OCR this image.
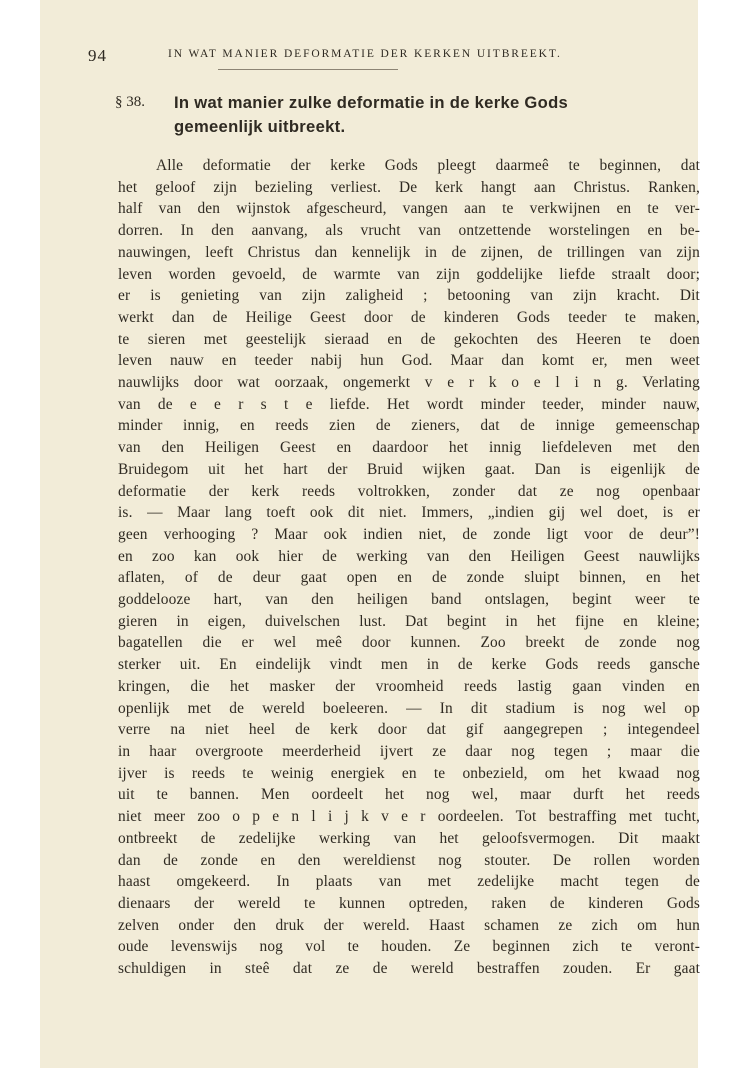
94	IN WAT MANIER DEFORMATIE DER KERKEN UITBREEKT.
§ 38. In wat manier zulke deformatie in de kerke Gods
gemeenlijk uitbreekt.
Alle deformatie der kerke Gods pleegt daarmeê te beginnen, dat
het geloof zijn bezieling verliest. De kerk hangt aan Christus. Ranken,
half van den wijnstok afgescheurd, vangen aan te verkwijnen en te ver-
dorren. In den aanvang, als vrucht van ontzettende worstelingen en be-
nauwingen, leeft Christus dan kennelijk in de zijnen, de trillingen van zijn
leven worden gevoeld, de warmte van zijn goddelijke liefde straalt door;
er is genieting van zijn zaligheid ; betooning van zijn kracht. Dit
werkt dan de Heilige Geest door de kinderen Gods teeder te maken,
te sieren met geestelijk sieraad en de gekochten des Heeren te doen
leven nauw en teeder nabij hun God. Maar dan komt er, men weet
nauwlijks door wat oorzaak, ongemerkt v e r k o e l i n g. Verlating
van de e e r s t e liefde. Het wordt minder teeder, minder nauw,
minder innig, en reeds zien de zieners, dat de innige gemeenschap
van den Heiligen Geest en daardoor het innig liefdeleven met den
Bruidegom uit het hart der Bruid wijken gaat. Dan is eigenlijk de
deformatie der kerk reeds voltrokken, zonder dat ze nog openbaar
is. — Maar lang toeft ook dit niet. Immers, „indien gij wel doet, is er
geen verhooging ? Maar ook indien niet, de zonde ligt voor de deur”!
en zoo kan ook hier de werking van den Heiligen Geest nauwlijks
aflaten, of de deur gaat open en de zonde sluipt binnen, en het
goddelooze hart, van den heiligen band ontslagen, begint weer te
gieren in eigen, duivelschen lust. Dat begint in het fijne en kleine;
bagatellen die er wel meê door kunnen. Zoo breekt de zonde nog
sterker uit. En eindelijk vindt men in de kerke Gods reeds gansche
kringen, die het masker der vroomheid reeds lastig gaan vinden en
openlijk met de wereld boeleeren. — In dit stadium is nog wel op
verre na niet heel de kerk door dat gif aangegrepen ; integendeel
in haar overgroote meerderheid ijvert ze daar nog tegen ; maar die
ijver is reeds te weinig energiek en te onbezield, om het kwaad nog
uit te bannen. Men oordeelt het nog wel, maar durft het reeds
niet meer zoo o p e n l i j k v e r oordeelen. Tot bestraffing met tucht,
ontbreekt de zedelijke werking van het geloofsvermogen. Dit maakt
dan de zonde en den wereldienst nog stouter. De rollen worden
haast omgekeerd. In plaats van met zedelijke macht tegen de
dienaars der wereld te kunnen optreden, raken de kinderen Gods
zelven onder den druk der wereld. Haast schamen ze zich om hun
oude levenswijs nog vol te houden. Ze beginnen zich te veront-
schuldigen in steê dat ze de wereld bestraffen zouden. Er gaat
